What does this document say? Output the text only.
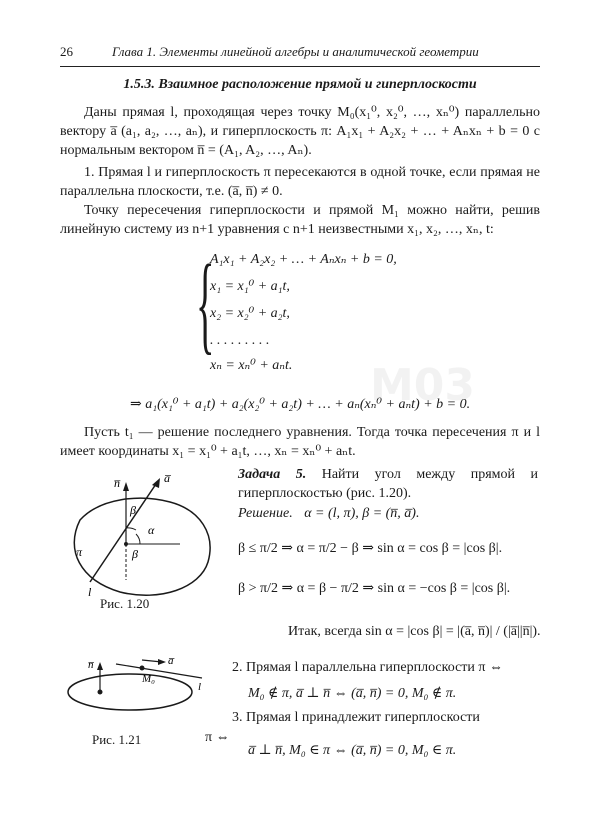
26	Глава 1. Элементы линейной алгебры и аналитической геометрии
1.5.3. Взаимное расположение прямой и гиперплоскости
Даны прямая l, проходящая через точку M₀(x₁⁰, x₂⁰, …, xₙ⁰) параллельно вектору a̅ (a₁, a₂, …, aₙ), и гиперплоскость π: A₁x₁ + A₂x₂ + … + Aₙxₙ + b = 0 с нормальным вектором n̅ = (A₁, A₂, …, Aₙ).
1. Прямая l и гиперплоскость π пересекаются в одной точке, если прямая не параллельна плоскости, т.е. (a̅, n̅) ≠ 0.
Точку пересечения гиперплоскости и прямой M₁ можно найти, решив линейную систему из n+1 уравнения с n+1 неизвестными x₁, x₂, …, xₙ, t:
{
A₁x₁ + A₂x₂ + … + Aₙxₙ + b = 0,
x₁ = x₁⁰ + a₁t,
x₂ = x₂⁰ + a₂t,
. . . . . . . . .
xₙ = xₙ⁰ + aₙt. M03
⇒ a₁(x₁⁰ + a₁t) + a₂(x₂⁰ + a₂t) + … + aₙ(xₙ⁰ + aₙt) + b = 0.
Пусть t₁ — решение последнего уравнения. Тогда точка пересечения π и l имеет координаты x₁ = x₁⁰ + a₁t, …, xₙ = xₙ⁰ + aₙt.
n̅	a̅
β
α
β
π
l
Рис. 1.20
Задача 5. Найти угол между прямой и гиперплоскостью (рис. 1.20).
Решение. α = (l, π), β = (n̅, a̅).
β ≤ π/2 ⇒ α = π/2 − β ⇒ sin α = cos β = |cos β|.
β > π/2 ⇒ α = β − π/2 ⇒ sin α = −cos β = |cos β|.
Итак, всегда sin α = |cos β| = |(a̅, n̅)| / (|a̅||n̅|).
n̅	a̅
M₀
l
Рис. 1.21
2. Прямая l параллельна гиперплоскости π ⇔
M₀ ∉ π, a̅ ⊥ n̅ ⇔ (a̅, n̅) = 0, M₀ ∉ π.
3. Прямая l принадлежит гиперплоскости
π ⇔
a̅ ⊥ n̅, M₀ ∈ π ⇔ (a̅, n̅) = 0, M₀ ∈ π.
